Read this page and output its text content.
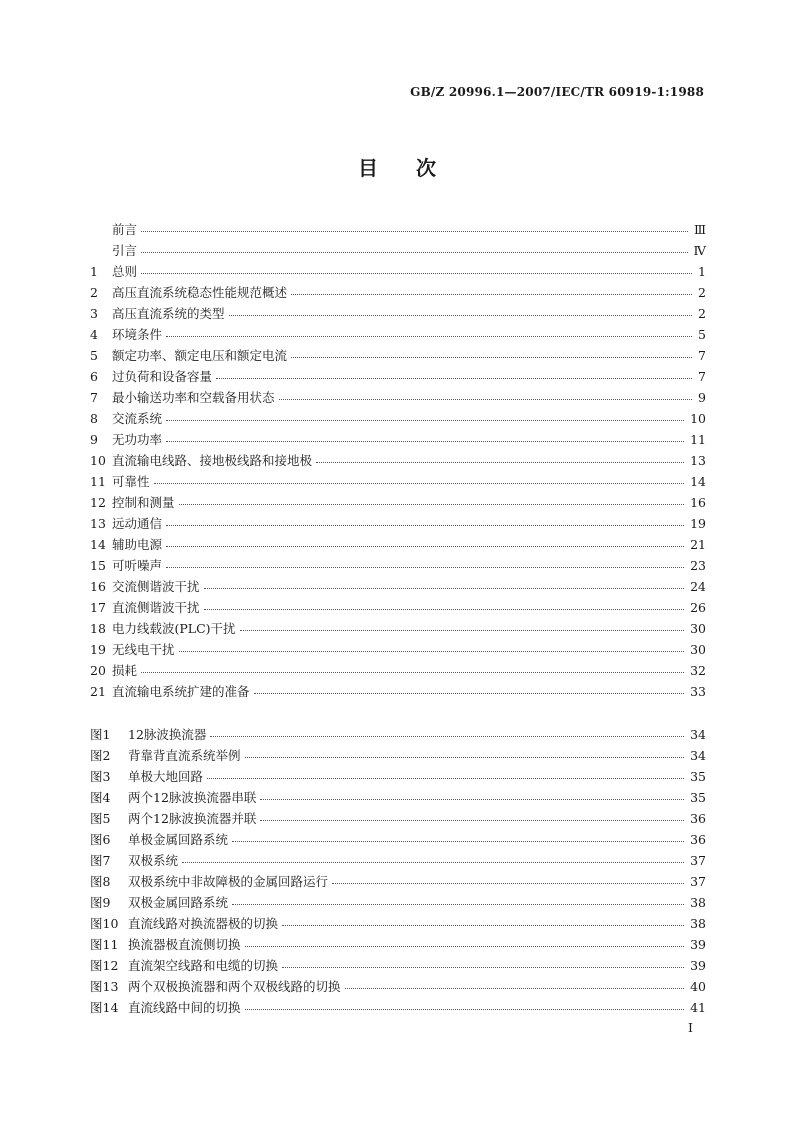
GB/Z 20996.1—2007/IEC/TR 60919-1:1988
目次
前言	Ⅲ
引言	Ⅳ
1	总则	1
2	高压直流系统稳态性能规范概述	2
3	高压直流系统的类型	2
4	环境条件	5
5	额定功率、额定电压和额定电流	7
6	过负荷和设备容量	7
7	最小输送功率和空载备用状态	9
8	交流系统	10
9	无功功率	11
10 直流输电线路、接地极线路和接地极	13
11 可靠性	14
12 控制和测量	16
13 远动通信	19
14 辅助电源	21
15 可听噪声	23
16 交流侧谐波干扰	24
17 直流侧谐波干扰	26
18 电力线载波(PLC)干扰	30
19 无线电干扰	30
20 损耗	32
21 直流输电系统扩建的准备	33
图1	12脉波换流器	34
图2	背靠背直流系统举例	34
图3	单极大地回路	35
图4	两个12脉波换流器串联	35
图5	两个12脉波换流器并联	36
图6	单极金属回路系统	36
图7	双极系统	37
图8	双极系统中非故障极的金属回路运行	37
图9	双极金属回路系统	38
图10 直流线路对换流器极的切换	38
图11 换流器极直流侧切换	39
图12 直流架空线路和电缆的切换	39
图13 两个双极换流器和两个双极线路的切换	40
图14 直流线路中间的切换	41
I
